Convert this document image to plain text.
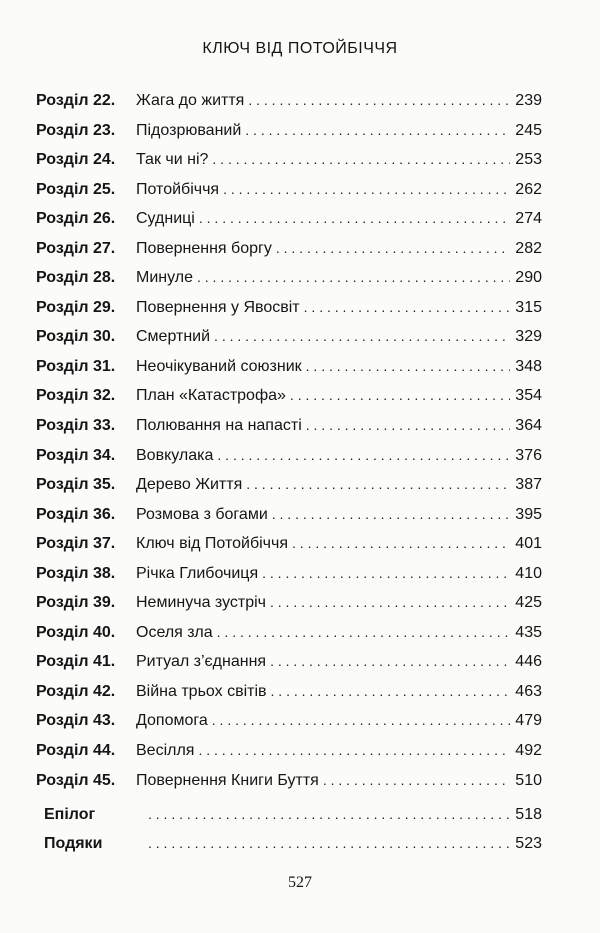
КЛЮЧ ВІД ПОТОЙБІЧЧЯ
Розділ 22.	Жага до життя . . .	239
Розділ 23.	Підозрюваний . . .	245
Розділ 24.	Так чи ні? . . .	253
Розділ 25.	Потойбіччя . . .	262
Розділ 26.	Судниці . . .	274
Розділ 27.	Повернення боргу . . .	282
Розділ 28.	Минуле . . .	290
Розділ 29.	Повернення у Явосвіт . . .	315
Розділ 30.	Смертний . . .	329
Розділ 31.	Неочікуваний союзник . . .	348
Розділ 32.	План «Катастрофа» . . .	354
Розділ 33.	Полювання на напасті . . .	364
Розділ 34.	Вовкулака . . .	376
Розділ 35.	Дерево Життя . . .	387
Розділ 36.	Розмова з богами . . .	395
Розділ 37.	Ключ від Потойбіччя . . .	401
Розділ 38.	Річка Глибочиця . . .	410
Розділ 39.	Неминуча зустріч . . .	425
Розділ 40.	Оселя зла . . .	435
Розділ 41.	Ритуал з’єднання . . .	446
Розділ 42.	Війна трьох світів . . .	463
Розділ 43.	Допомога . . .	479
Розділ 44.	Весілля . . .	492
Розділ 45.	Повернення Книги Буття . . .	510
Епілог . . .	518
Подяки . . .	523
527
